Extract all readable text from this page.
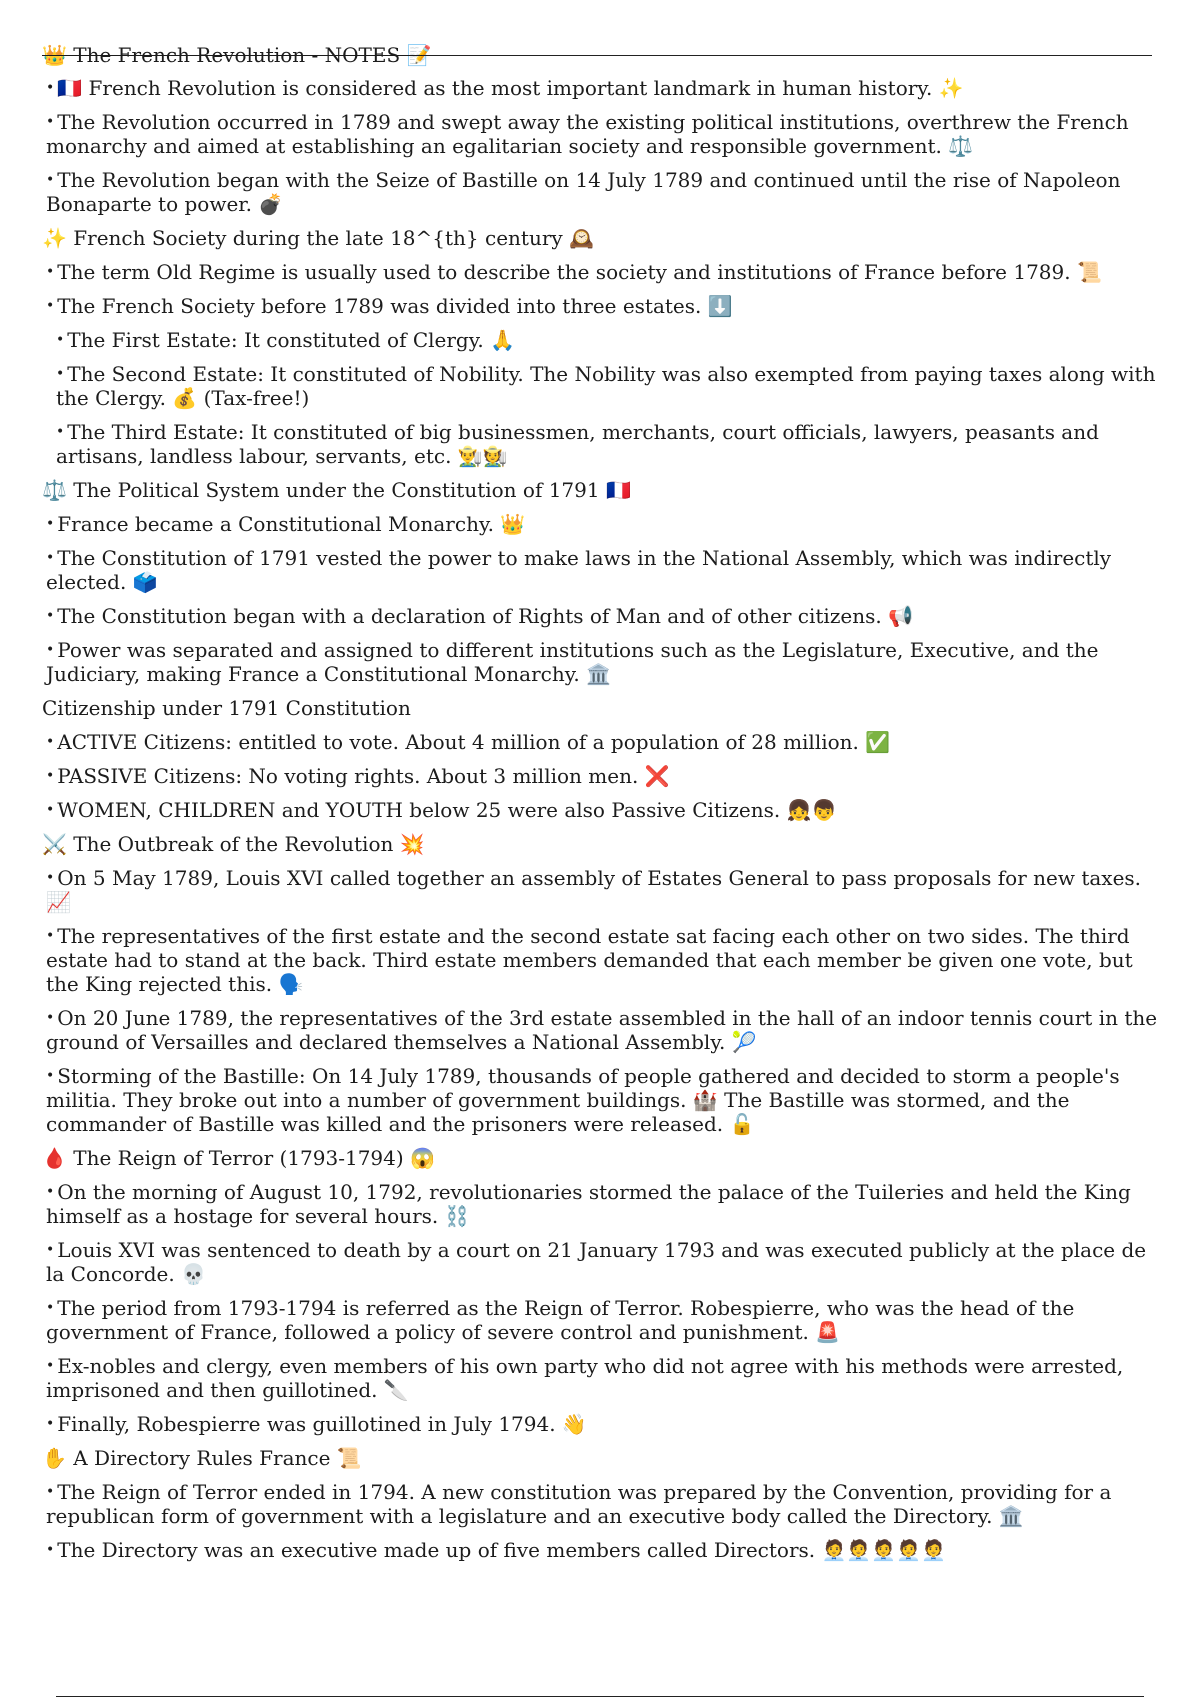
👑 The French Revolution - NOTES 📝
• 🇫🇷 French Revolution is considered as the most important landmark in human history. ✨
• The Revolution occurred in 1789 and swept away the existing political institutions, overthrew the French monarchy and aimed at establishing an egalitarian society and responsible government. ⚖️
• The Revolution began with the Seize of Bastille on 14 July 1789 and continued until the rise of Napoleon Bonaparte to power. 💣
✨ French Society during the late 18^{th} century 🕰️
• The term Old Regime is usually used to describe the society and institutions of France before 1789. 📜
• The French Society before 1789 was divided into three estates. ⬇️
• The First Estate: It constituted of Clergy. 🙏
• The Second Estate: It constituted of Nobility. The Nobility was also exempted from paying taxes along with the Clergy. 💰 (Tax-free!)
• The Third Estate: It constituted of big businessmen, merchants, court officials, lawyers, peasants and artisans, landless labour, servants, etc. 👨‍🌾🧑‍🌾
⚖️ The Political System under the Constitution of 1791 🇫🇷
• France became a Constitutional Monarchy. 👑
• The Constitution of 1791 vested the power to make laws in the National Assembly, which was indirectly elected. 🗳️
• The Constitution began with a declaration of Rights of Man and of other citizens. 📢
• Power was separated and assigned to different institutions such as the Legislature, Executive, and the Judiciary, making France a Constitutional Monarchy. 🏛️
Citizenship under 1791 Constitution
• ACTIVE Citizens: entitled to vote. About 4 million of a population of 28 million. ✅
• PASSIVE Citizens: No voting rights. About 3 million men. ❌
• WOMEN, CHILDREN and YOUTH below 25 were also Passive Citizens. 👧👦
⚔️ The Outbreak of the Revolution 💥
• On 5 May 1789, Louis XVI called together an assembly of Estates General to pass proposals for new taxes. 📈
• The representatives of the first estate and the second estate sat facing each other on two sides. The third estate had to stand at the back. Third estate members demanded that each member be given one vote, but the King rejected this. 🗣️
• On 20 June 1789, the representatives of the 3rd estate assembled in the hall of an indoor tennis court in the ground of Versailles and declared themselves a National Assembly. 🎾
• Storming of the Bastille: On 14 July 1789, thousands of people gathered and decided to storm a people's militia. They broke out into a number of government buildings. 🏰 The Bastille was stormed, and the commander of Bastille was killed and the prisoners were released. 🔓
🩸 The Reign of Terror (1793-1794) 😱
• On the morning of August 10, 1792, revolutionaries stormed the palace of the Tuileries and held the King himself as a hostage for several hours. ⛓️
• Louis XVI was sentenced to death by a court on 21 January 1793 and was executed publicly at the place de la Concorde. 💀
• The period from 1793-1794 is referred as the Reign of Terror. Robespierre, who was the head of the government of France, followed a policy of severe control and punishment. 🚨
• Ex-nobles and clergy, even members of his own party who did not agree with his methods were arrested, imprisoned and then guillotined. 🔪
• Finally, Robespierre was guillotined in July 1794. 👋
✋ A Directory Rules France 📜
• The Reign of Terror ended in 1794. A new constitution was prepared by the Convention, providing for a republican form of government with a legislature and an executive body called the Directory. 🏛️
• The Directory was an executive made up of five members called Directors. 🧑‍💼🧑‍💼🧑‍💼🧑‍💼🧑‍💼
